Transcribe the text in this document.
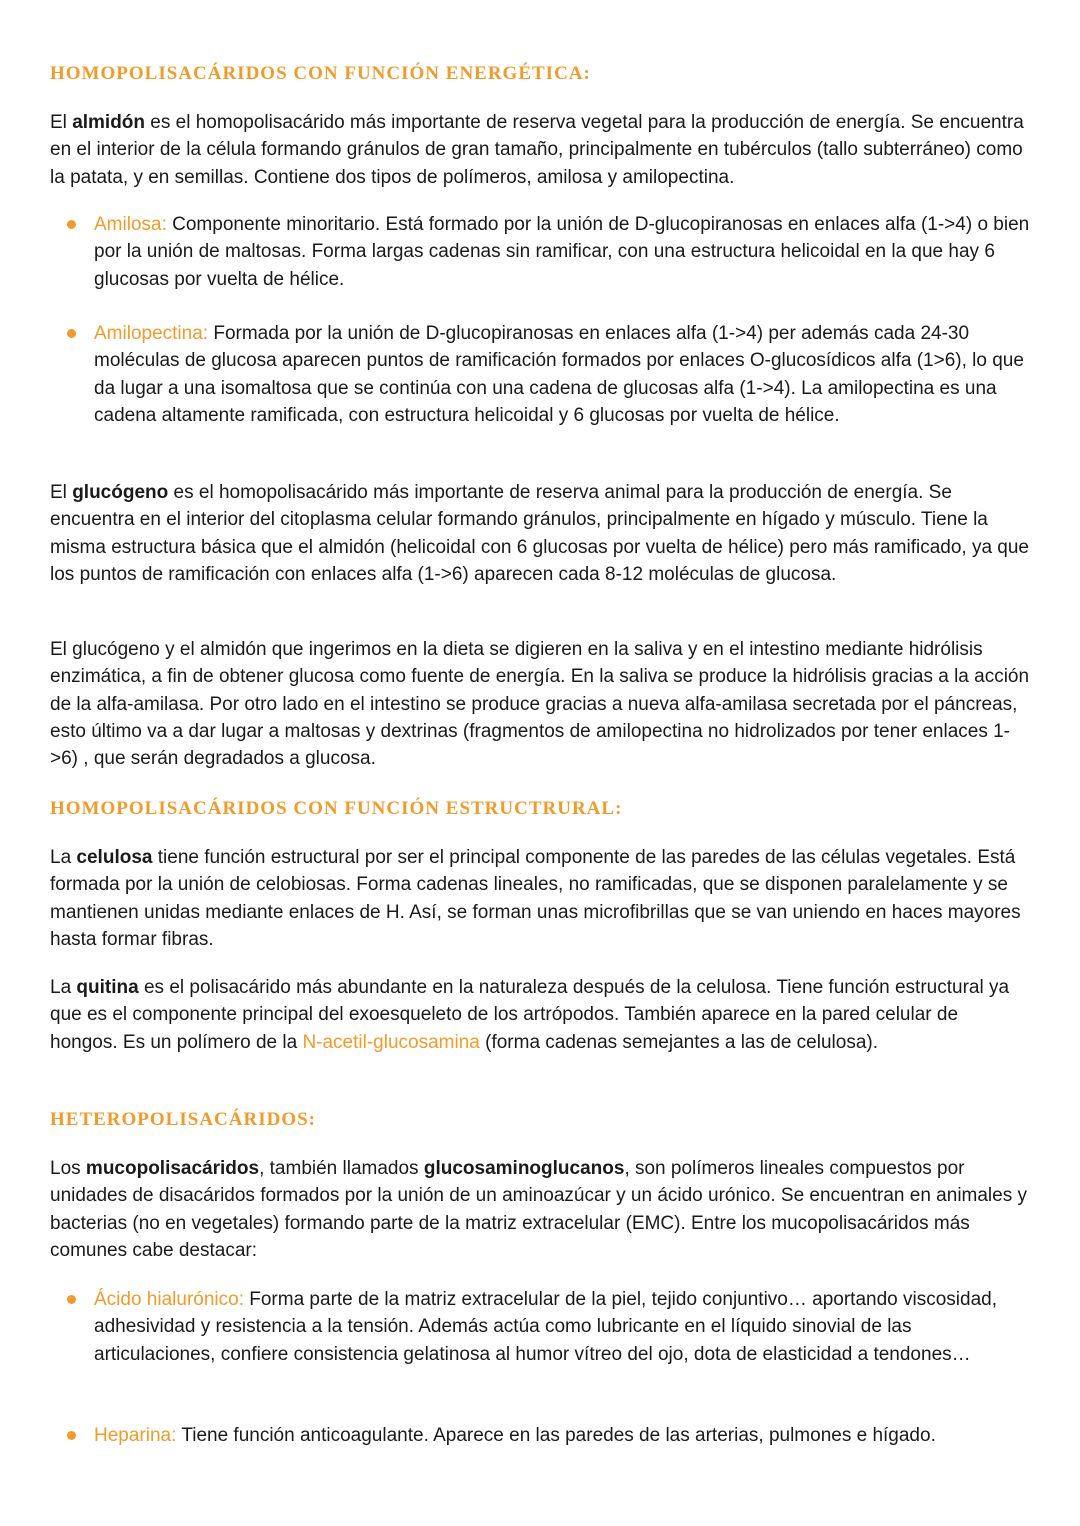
HOMOPOLISACÁRIDOS CON FUNCIÓN ENERGÉTICA:

El almidón es el homopolisacárido más importante de reserva vegetal para la producción de energía. Se encuentra en el interior de la célula formando gránulos de gran tamaño, principalmente en tubérculos (tallo subterráneo) como la patata, y en semillas. Contiene dos tipos de polímeros, amilosa y amilopectina.

Amilosa: Componente minoritario. Está formado por la unión de D-glucopiranosas en enlaces alfa (1->4) o bien por la unión de maltosas. Forma largas cadenas sin ramificar, con una estructura helicoidal en la que hay 6 glucosas por vuelta de hélice.
Amilopectina: Formada por la unión de D-glucopiranosas en enlaces alfa (1->4) per además cada 24-30 moléculas de glucosa aparecen puntos de ramificación formados por enlaces O-glucosídicos alfa (1>6), lo que da lugar a una isomaltosa que se continúa con una cadena de glucosas alfa (1->4). La amilopectina es una cadena altamente ramificada, con estructura helicoidal y 6 glucosas por vuelta de hélice.

El glucógeno es el homopolisacárido más importante de reserva animal para la producción de energía. Se encuentra en el interior del citoplasma celular formando gránulos, principalmente en hígado y músculo. Tiene la misma estructura básica que el almidón (helicoidal con 6 glucosas por vuelta de hélice) pero más ramificado, ya que los puntos de ramificación con enlaces alfa (1->6) aparecen cada 8-12 moléculas de glucosa.

El glucógeno y el almidón que ingerimos en la dieta se digieren en la saliva y en el intestino mediante hidrólisis enzimática, a fin de obtener glucosa como fuente de energía. En la saliva se produce la hidrólisis gracias a la acción de la alfa-amilasa. Por otro lado en el intestino se produce gracias a nueva alfa-amilasa secretada por el páncreas, esto último va a dar lugar a maltosas y dextrinas (fragmentos de amilopectina no hidrolizados por tener enlaces 1->6) , que serán degradados a glucosa.

HOMOPOLISACÁRIDOS CON FUNCIÓN ESTRUCTRURAL:

La celulosa tiene función estructural por ser el principal componente de las paredes de las células vegetales. Está formada por la unión de celobiosas. Forma cadenas lineales, no ramificadas, que se disponen paralelamente y se mantienen unidas mediante enlaces de H. Así, se forman unas microfibrillas que se van uniendo en haces mayores hasta formar fibras.

La quitina es el polisacárido más abundante en la naturaleza después de la celulosa. Tiene función estructural ya que es el componente principal del exoesqueleto de los artrópodos. También aparece en la pared celular de hongos. Es un polímero de la N-acetil-glucosamina (forma cadenas semejantes a las de celulosa).

HETEROPOLISACÁRIDOS:

Los mucopolisacáridos, también llamados glucosaminoglucanos, son polímeros lineales compuestos por unidades de disacáridos formados por la unión de un aminoazúcar y un ácido urónico. Se encuentran en animales y bacterias (no en vegetales) formando parte de la matriz extracelular (EMC). Entre los mucopolisacáridos más comunes cabe destacar:

Ácido hialurónico: Forma parte de la matriz extracelular de la piel, tejido conjuntivo… aportando viscosidad, adhesividad y resistencia a la tensión. Además actúa como lubricante en el líquido sinovial de las articulaciones, confiere consistencia gelatinosa al humor vítreo del ojo, dota de elasticidad a tendones…
Heparina: Tiene función anticoagulante. Aparece en las paredes de las arterias, pulmones e hígado.
